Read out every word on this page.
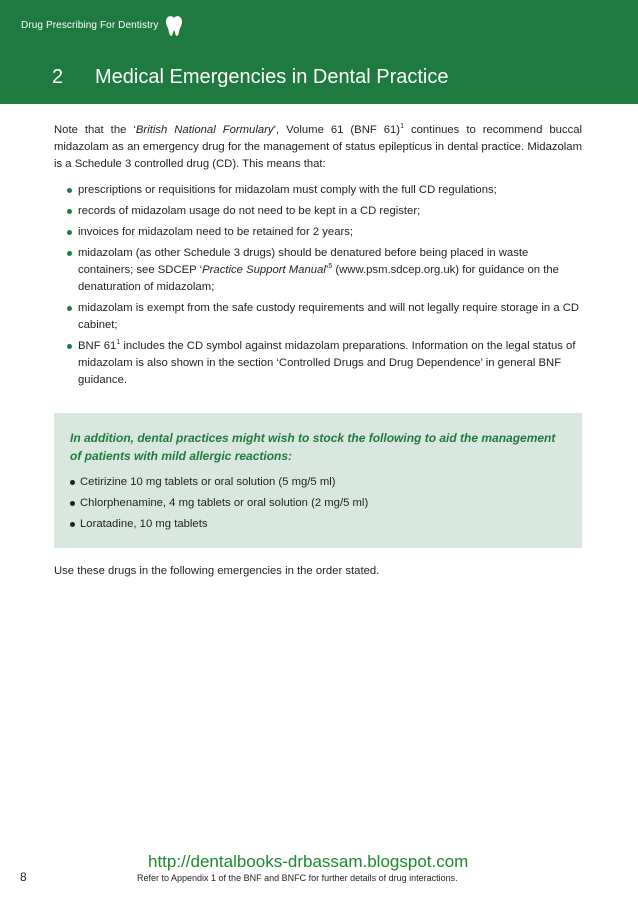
Drug Prescribing For Dentistry
2 Medical Emergencies in Dental Practice

Note that the ‘British National Formulary’, Volume 61 (BNF 61)$^1$ continues to recommend buccal midazolam as an emergency drug for the management of status epilepticus in dental practice. Midazolam is a Schedule 3 controlled drug (CD). This means that:

prescriptions or requisitions for midazolam must comply with the full CD regulations;
records of midazolam usage do not need to be kept in a CD register;
invoices for midazolam need to be retained for 2 years;
midazolam (as other Schedule 3 drugs) should be denatured before being placed in waste containers; see SDCEP ‘Practice Support Manual’$^5$ (www.psm.sdcep.org.uk) for guidance on the denaturation of midazolam;
midazolam is exempt from the safe custody requirements and will not legally require storage in a CD cabinet;
BNF $61^1$ includes the CD symbol against midazolam preparations. Information on the legal status of midazolam is also shown in the section ‘Controlled Drugs and Drug Dependence’ in general BNF guidance.

In addition, dental practices might wish to stock the following to aid the management of patients with mild allergic reactions:

Cetirizine 10 mg tablets or oral solution (5 mg/5 ml)
Chlorphenamine, 4 mg tablets or oral solution (2 mg/5 ml)
Loratadine, 10 mg tablets

Use these drugs in the following emergencies in the order stated.

http://dentalbooks-drbassam.blogspot.com
Refer to Appendix 1 of the BNF and BNFC for further details of drug interactions.
8
